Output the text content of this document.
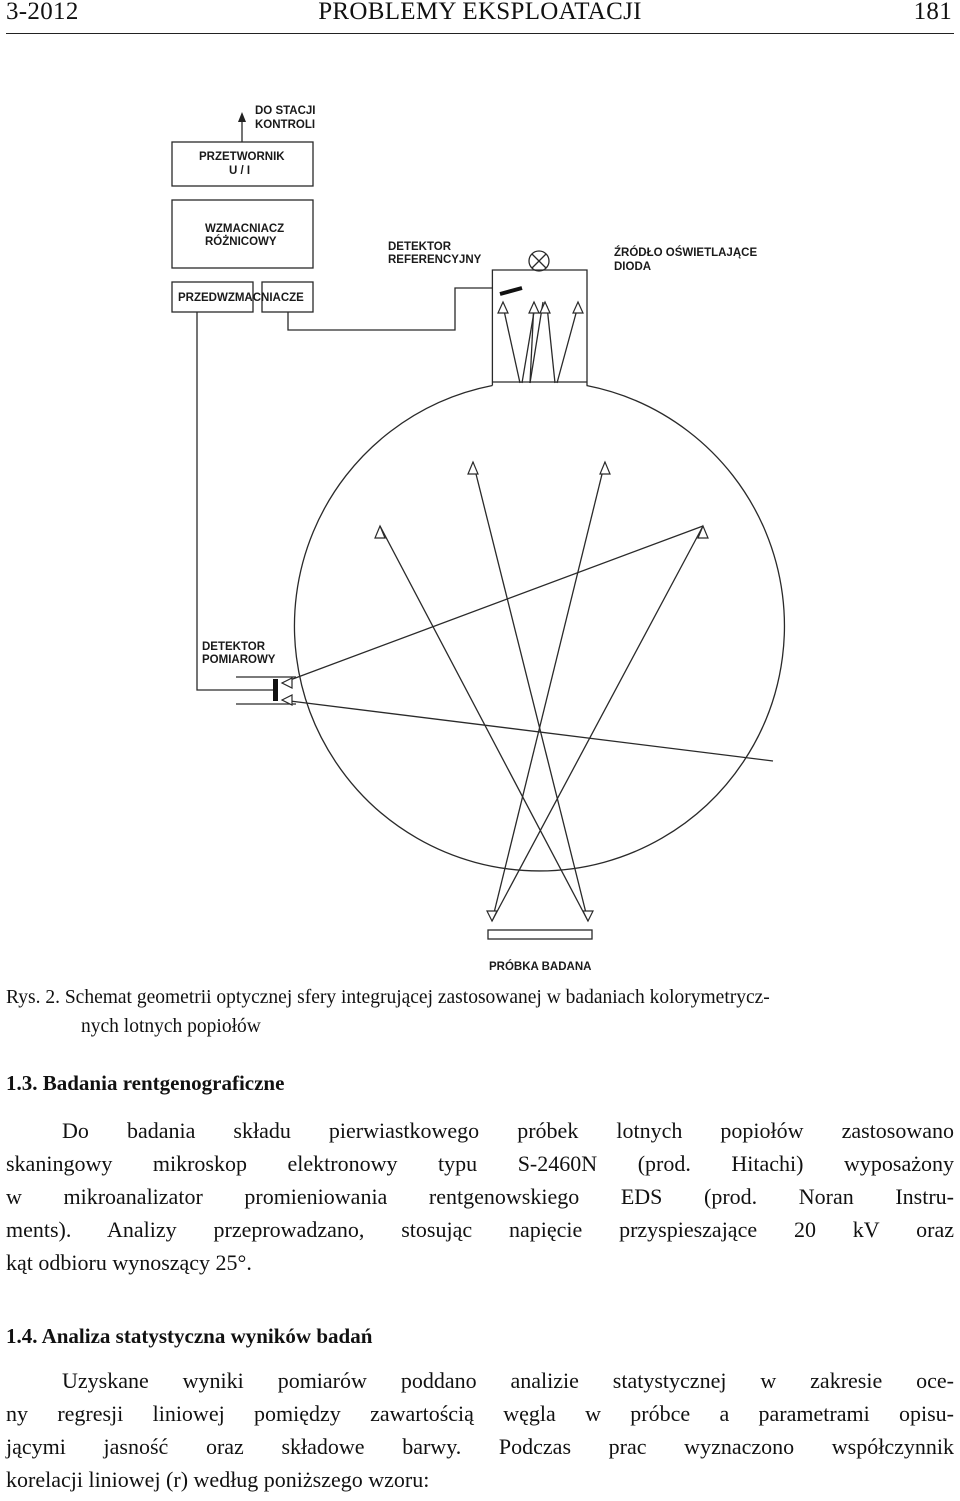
3-2012	PROBLEMY EKSPLOATACJI	181
DO STACJI
KONTROLI
PRZETWORNIK
U / I
WZMACNIACZ
RÓŻNICOWY
PRZEDWZMACNIACZE
DETEKTOR
REFERENCYJNY
ŹRÓDŁO OŚWIETLAJĄCE
DIODA
DETEKTOR
POMIAROWY
PRÓBKA BADANA
Rys. 2. Schemat geometrii optycznej sfery integrującej zastosowanej w badaniach kolorymetrycz-
nych lotnych popiołów
1.3. Badania rentgenograficzne
Do badania składu pierwiastkowego próbek lotnych popiołów zastosowano
skaningowy mikroskop elektronowy typu S-2460N (prod. Hitachi) wyposażony
w mikroanalizator promieniowania rentgenowskiego EDS (prod. Noran Instru-
ments). Analizy przeprowadzano, stosując napięcie przyspieszające 20 kV oraz
kąt odbioru wynoszący 25°.
1.4. Analiza statystyczna wyników badań
Uzyskane wyniki pomiarów poddano analizie statystycznej w zakresie oce-
ny regresji liniowej pomiędzy zawartością węgla w próbce a parametrami opisu-
jącymi jasność oraz składowe barwy. Podczas prac wyznaczono współczynnik
korelacji liniowej (r) według poniższego wzoru:
